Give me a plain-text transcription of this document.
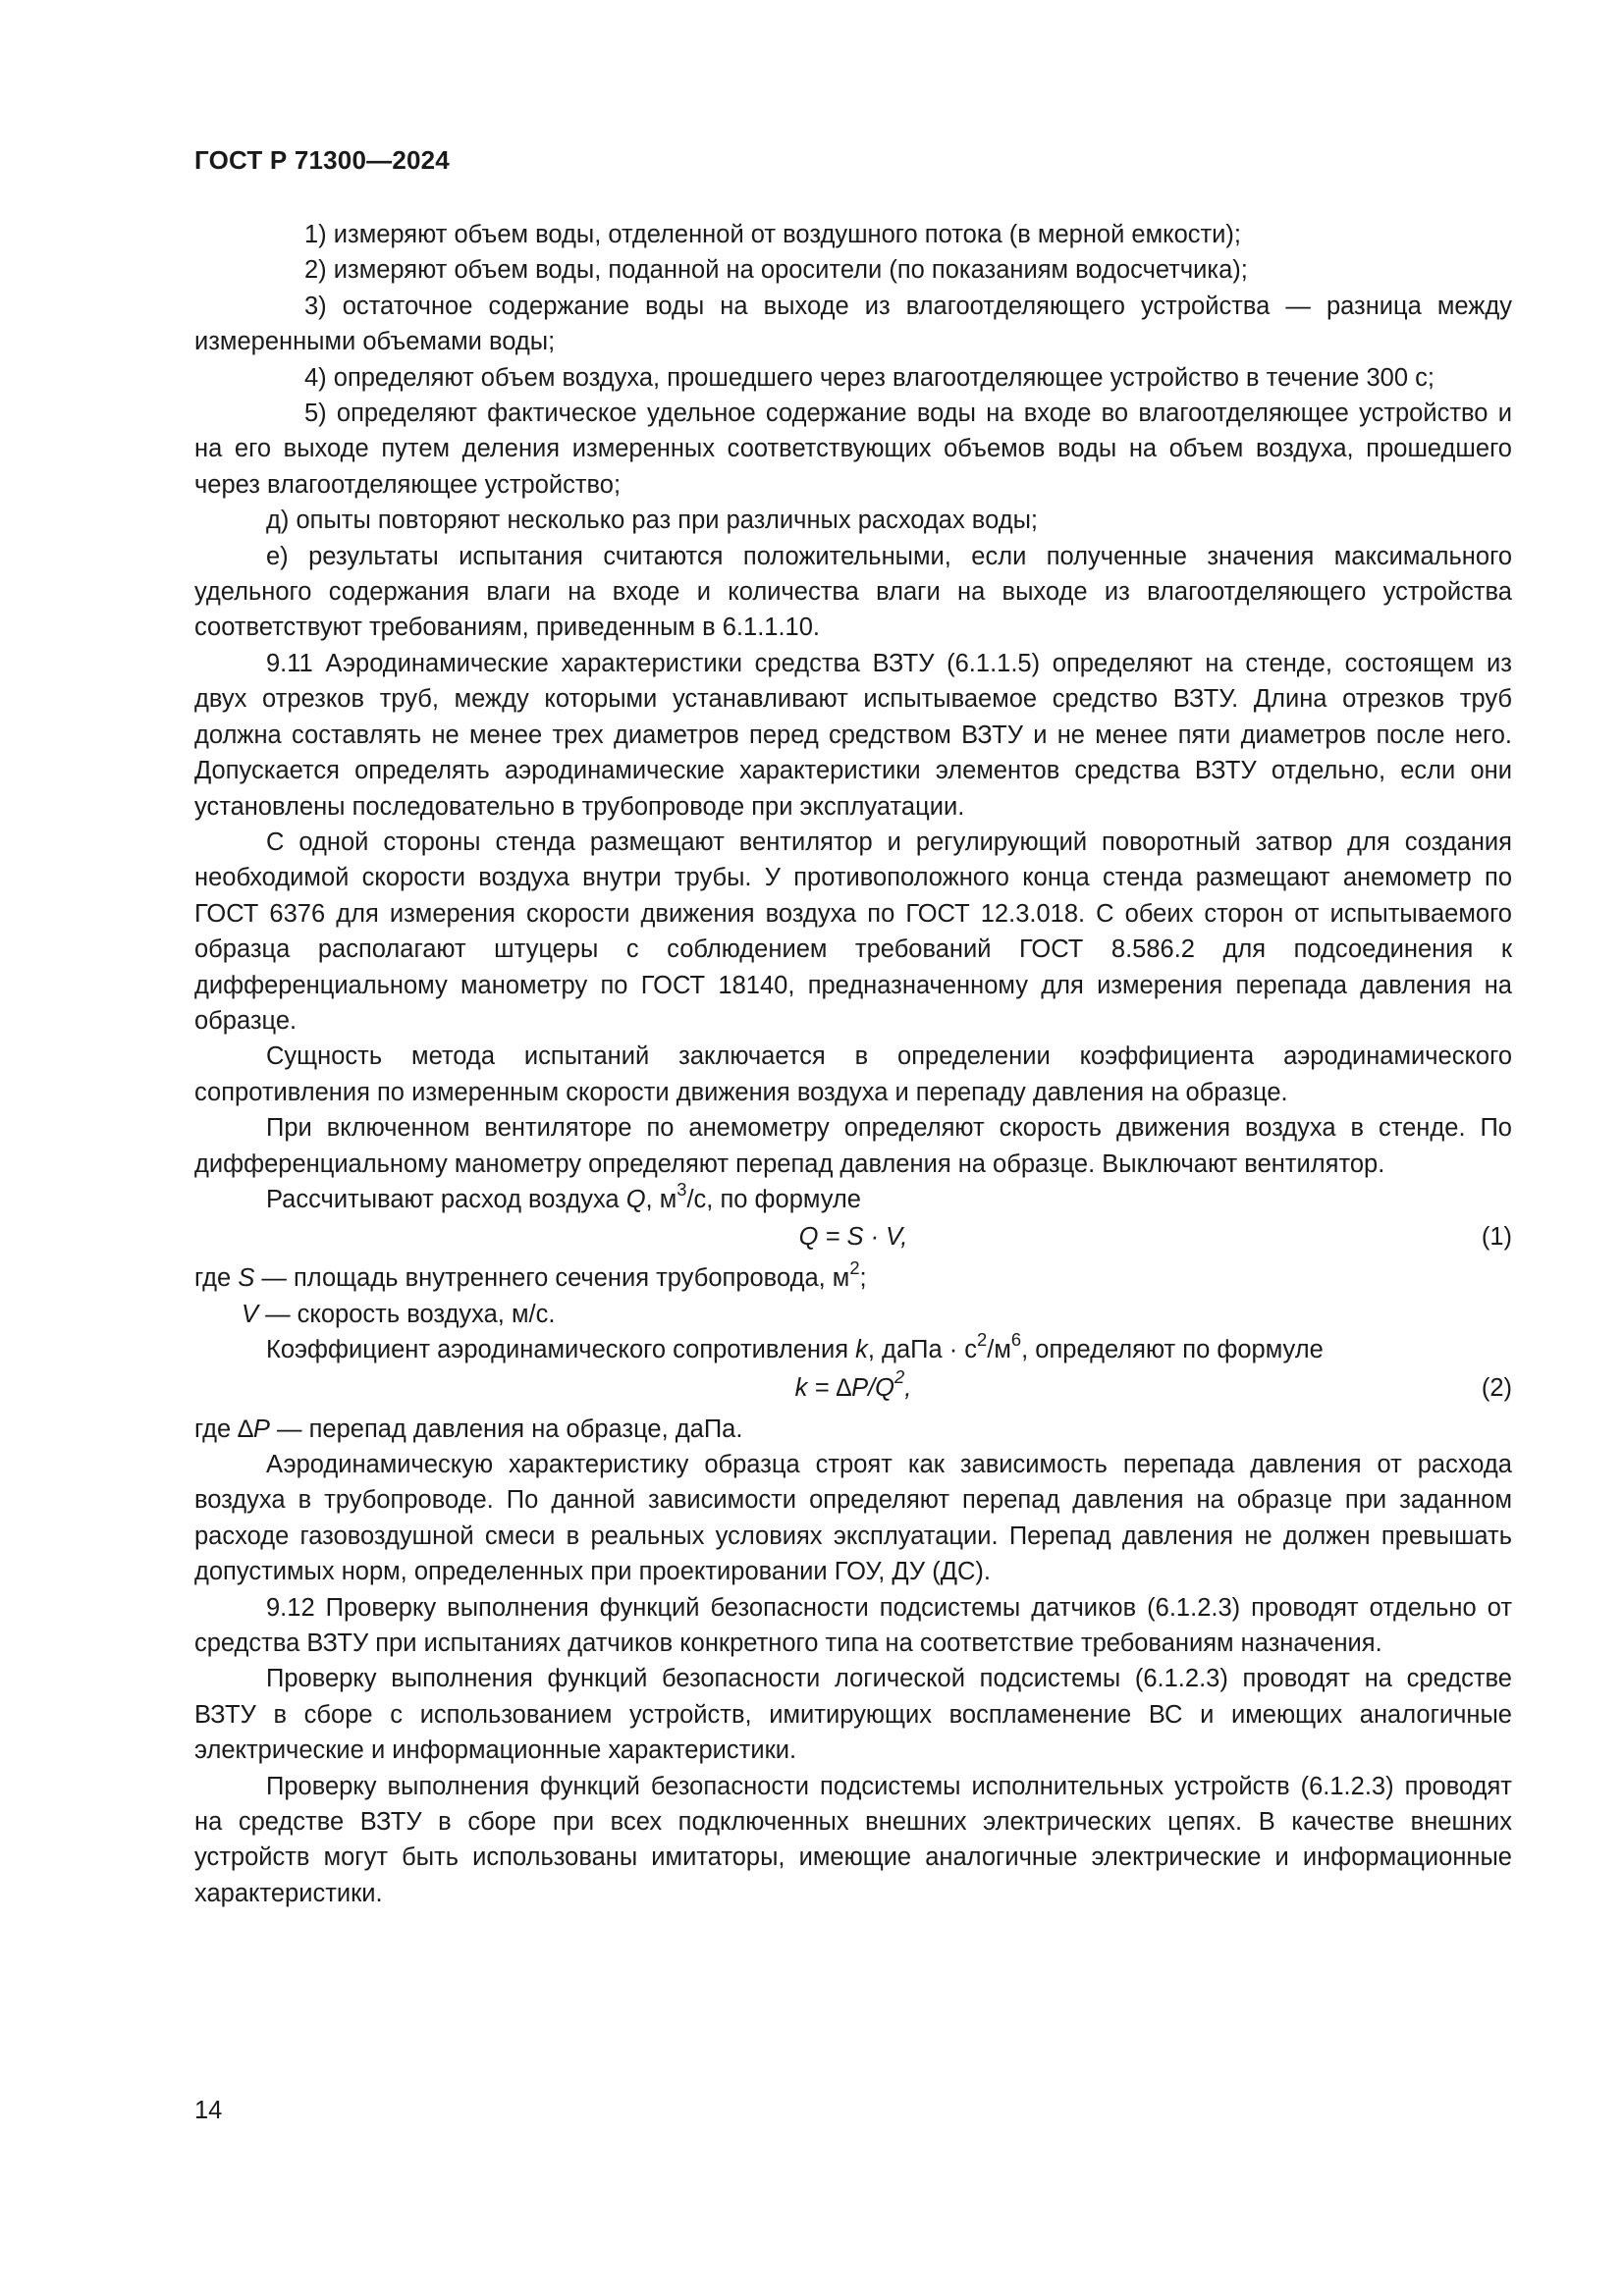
ГОСТ Р 71300—2024

1) измеряют объем воды, отделенной от воздушного потока (в мерной емкости);

2) измеряют объем воды, поданной на оросители (по показаниям водосчетчика);

3) остаточное содержание воды на выходе из влагоотделяющего устройства — разница между измеренными объемами воды;

4) определяют объем воздуха, прошедшего через влагоотделяющее устройство в течение 300 с;

5) определяют фактическое удельное содержание воды на входе во влагоотделяющее устройство и на его выходе путем деления измеренных соответствующих объемов воды на объем воздуха, прошедшего через влагоотделяющее устройство;

д) опыты повторяют несколько раз при различных расходах воды;

е) результаты испытания считаются положительными, если полученные значения максимального удельного содержания влаги на входе и количества влаги на выходе из влагоотделяющего устройства соответствуют требованиям, приведенным в 6.1.1.10.

9.11 Аэродинамические характеристики средства ВЗТУ (6.1.1.5) определяют на стенде, состоящем из двух отрезков труб, между которыми устанавливают испытываемое средство ВЗТУ. Длина отрезков труб должна составлять не менее трех диаметров перед средством ВЗТУ и не менее пяти диаметров после него. Допускается определять аэродинамические характеристики элементов средства ВЗТУ отдельно, если они установлены последовательно в трубопроводе при эксплуатации.

С одной стороны стенда размещают вентилятор и регулирующий поворотный затвор для создания необходимой скорости воздуха внутри трубы. У противоположного конца стенда размещают анемометр по ГОСТ 6376 для измерения скорости движения воздуха по ГОСТ 12.3.018. С обеих сторон от испытываемого образца располагают штуцеры с соблюдением требований ГОСТ 8.586.2 для подсоединения к дифференциальному манометру по ГОСТ 18140, предназначенному для измерения перепада давления на образце.

Сущность метода испытаний заключается в определении коэффициента аэродинамического сопротивления по измеренным скорости движения воздуха и перепаду давления на образце.

При включенном вентиляторе по анемометру определяют скорость движения воздуха в стенде. По дифференциальному манометру определяют перепад давления на образце. Выключают вентилятор.

Рассчитывают расход воздуха Q, $м^3/с$, по формуле

Q = S · V,	(1)

где S — площадь внутреннего сечения трубопровода, $м^2$;

V — скорость воздуха, м/с.

Коэффициент аэродинамического сопротивления k, даПа · $с^2/м^6$, определяют по формуле

$k = \Delta P/Q^2$,	(2)

где ∆P — перепад давления на образце, даПа.

Аэродинамическую характеристику образца строят как зависимость перепада давления от расхода воздуха в трубопроводе. По данной зависимости определяют перепад давления на образце при заданном расходе газовоздушной смеси в реальных условиях эксплуатации. Перепад давления не должен превышать допустимых норм, определенных при проектировании ГОУ, ДУ (ДС).

9.12 Проверку выполнения функций безопасности подсистемы датчиков (6.1.2.3) проводят отдельно от средства ВЗТУ при испытаниях датчиков конкретного типа на соответствие требованиям назначения.

Проверку выполнения функций безопасности логической подсистемы (6.1.2.3) проводят на средстве ВЗТУ в сборе с использованием устройств, имитирующих воспламенение ВС и имеющих аналогичные электрические и информационные характеристики.

Проверку выполнения функций безопасности подсистемы исполнительных устройств (6.1.2.3) проводят на средстве ВЗТУ в сборе при всех подключенных внешних электрических цепях. В качестве внешних устройств могут быть использованы имитаторы, имеющие аналогичные электрические и информационные характеристики.

14
